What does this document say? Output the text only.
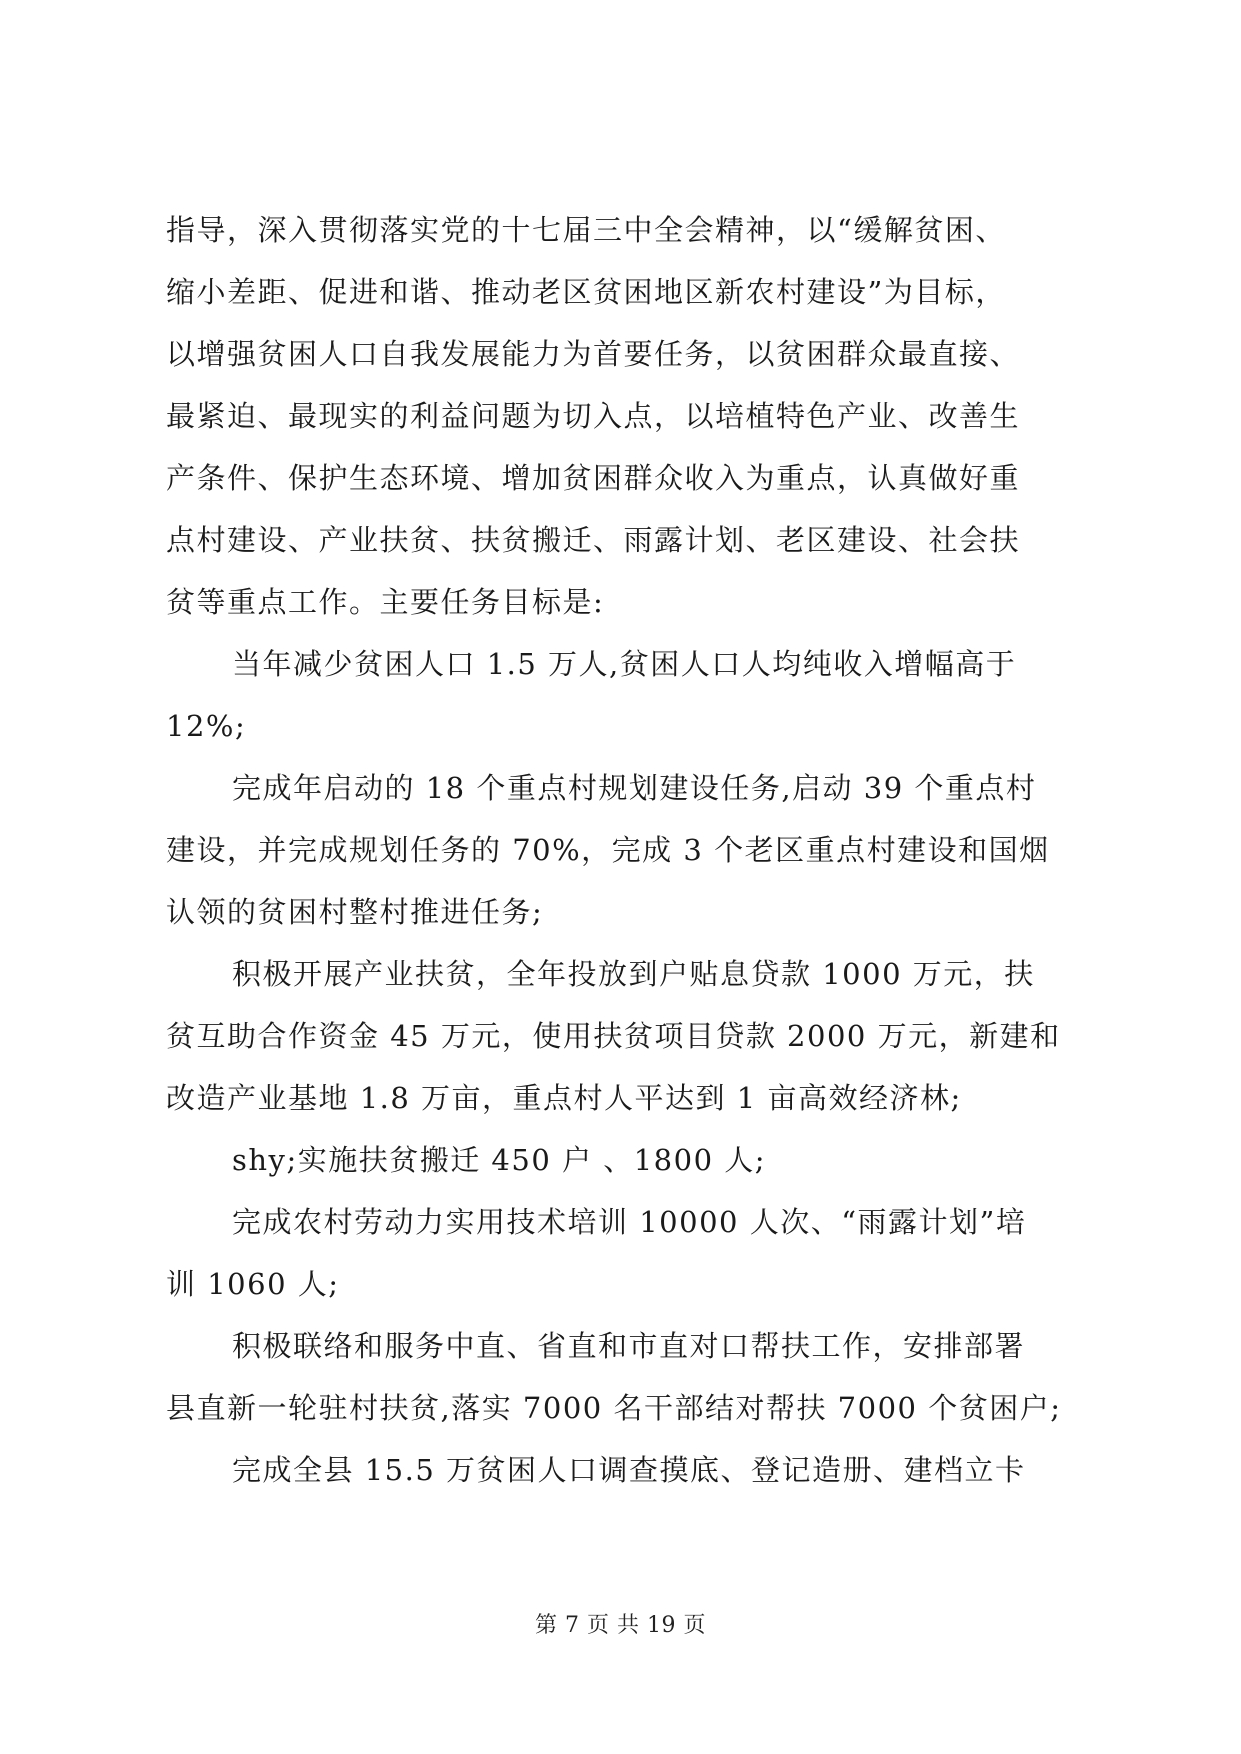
指导，深入贯彻落实党的十七届三中全会精神，以“缓解贫困、
缩小差距、促进和谐、推动老区贫困地区新农村建设”为目标，
以增强贫困人口自我发展能力为首要任务，以贫困群众最直接、
最紧迫、最现实的利益问题为切入点，以培植特色产业、改善生
产条件、保护生态环境、增加贫困群众收入为重点，认真做好重
点村建设、产业扶贫、扶贫搬迁、雨露计划、老区建设、社会扶
贫等重点工作。主要任务目标是:
当年减少贫困人口 1.5 万人,贫困人口人均纯收入增幅高于
12%;
完成年启动的 18 个重点村规划建设任务,启动 39 个重点村
建设，并完成规划任务的 70%，完成 3 个老区重点村建设和国烟
认领的贫困村整村推进任务;
积极开展产业扶贫，全年投放到户贴息贷款 1000 万元，扶
贫互助合作资金 45 万元，使用扶贫项目贷款 2000 万元，新建和
改造产业基地 1.8 万亩，重点村人平达到 1 亩高效经济林;
shy;实施扶贫搬迁 450 户 、1800 人;
完成农村劳动力实用技术培训 10000 人次、“雨露计划”培
训 1060 人;
积极联络和服务中直、省直和市直对口帮扶工作，安排部署
县直新一轮驻村扶贫,落实 7000 名干部结对帮扶 7000 个贫困户;
完成全县 15.5 万贫困人口调查摸底、登记造册、建档立卡
第 7 页 共 19 页
